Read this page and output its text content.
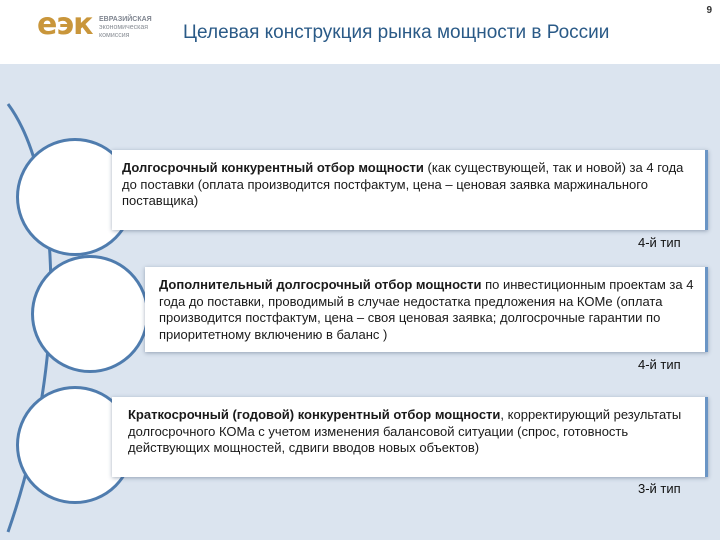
еэк ЕВРАЗИЙСКАЯ
экономическая
комиссия	Целевая конструкция рынка мощности в России
9
Долгосрочный конкурентный отбор мощности (как существующей, так и новой) за 4 года до поставки (оплата производится постфактум, цена – ценовая заявка маржинального поставщика)
4-й тип
Дополнительный долгосрочный отбор мощности по инвестиционным проектам за 4 года до поставки, проводимый в случае недостатка предложения на КОМе (оплата производится постфактум, цена – своя ценовая заявка; долгосрочные гарантии по приоритетному включению в баланс )
4-й тип
Краткосрочный (годовой) конкурентный отбор мощности, корректирующий результаты долгосрочного КОМа с учетом изменения балансовой ситуации (спрос, готовность действующих мощностей, сдвиги вводов новых объектов)
3-й тип
